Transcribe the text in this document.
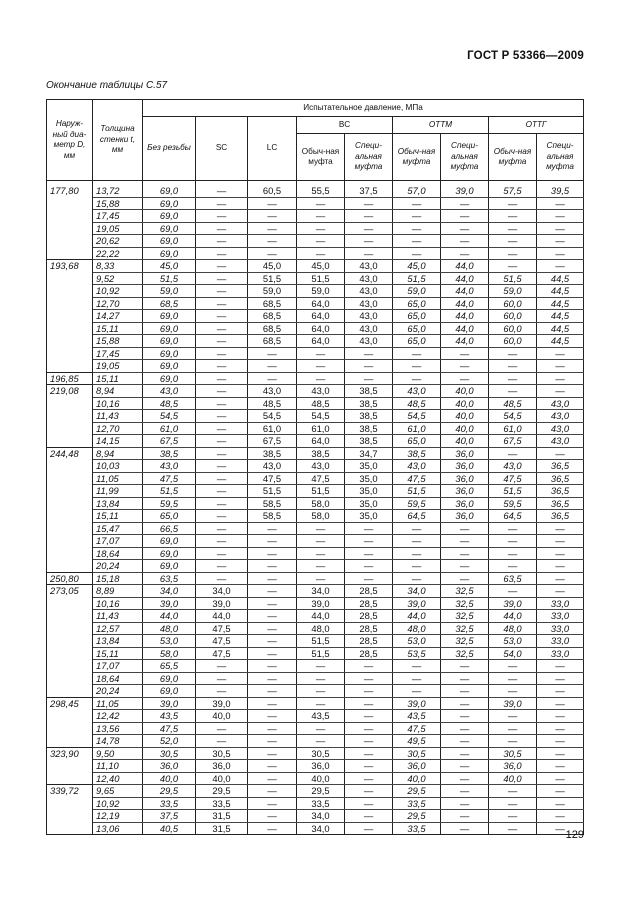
ГОСТ Р 53366—2009
Окончание таблицы С.57
Наруж-ный диа-метр D, мм	Толщина стенки t, мм	Испытательное давление, МПа								
		Без резьбы	SC	LC	BC		ОТТМ		ОТТГ	
					Обыч-ная муфта	Специ-альная муфта	Обыч-ная муфта	Специ-альная муфта	Обыч-ная муфта	Специ-альная муфта

177,80	13,72	69,0	—	60,5	55,5	37,5	57,0	39,0	57,5	39,5
	15,88	69,0	—	—	—	—	—	—	—	—
	17,45	69,0	—	—	—	—	—	—	—	—
	19,05	69,0	—	—	—	—	—	—	—	—
	20,62	69,0	—	—	—	—	—	—	—	—
	22,22	69,0	—	—	—	—	—	—	—	—
193,68	8,33	45,0	—	45,0	45,0	43,0	45,0	44,0	—	—
	9,52	51,5	—	51,5	51,5	43,0	51,5	44,0	51,5	44,5
	10,92	59,0	—	59,0	59,0	43,0	59,0	44,0	59,0	44,5
	12,70	68,5	—	68,5	64,0	43,0	65,0	44,0	60,0	44,5
	14,27	69,0	—	68,5	64,0	43,0	65,0	44,0	60,0	44,5
	15,11	69,0	—	68,5	64,0	43,0	65,0	44,0	60,0	44,5
	15,88	69,0	—	68,5	64,0	43,0	65,0	44,0	60,0	44,5
	17,45	69,0	—	—	—	—	—	—	—	—
	19,05	69,0	—	—	—	—	—	—	—	—
196,85	15,11	69,0	—	—	—	—	—	—	—	—
219,08	8,94	43,0	—	43,0	43,0	38,5	43,0	40,0	—	—
	10,16	48,5	—	48,5	48,5	38,5	48,5	40,0	48,5	43,0
	11,43	54,5	—	54,5	54,5	38,5	54,5	40,0	54,5	43,0
	12,70	61,0	—	61,0	61,0	38,5	61,0	40,0	61,0	43,0
	14,15	67,5	—	67,5	64,0	38,5	65,0	40,0	67,5	43,0
244,48	8,94	38,5	—	38,5	38,5	34,7	38,5	36,0	—	—
	10,03	43,0	—	43,0	43,0	35,0	43,0	36,0	43,0	36,5
	11,05	47,5	—	47,5	47,5	35,0	47,5	36,0	47,5	36,5
	11,99	51,5	—	51,5	51,5	35,0	51,5	36,0	51,5	36,5
	13,84	59,5	—	58,5	58,0	35,0	59,5	36,0	59,5	36,5
	15,11	65,0	—	58,5	58,0	35,0	64,5	36,0	64,5	36,5
	15,47	66,5	—	—	—	—	—	—	—	—
	17,07	69,0	—	—	—	—	—	—	—	—
	18,64	69,0	—	—	—	—	—	—	—	—
	20,24	69,0	—	—	—	—	—	—	—	—
250,80	15,18	63,5	—	—	—	—	—	—	63,5	—
273,05	8,89	34,0	34,0	—	34,0	28,5	34,0	32,5	—	—
	10,16	39,0	39,0	—	39,0	28,5	39,0	32,5	39,0	33,0
	11,43	44,0	44,0	—	44,0	28,5	44,0	32,5	44,0	33,0
	12,57	48,0	47,5	—	48,0	28,5	48,0	32,5	48,0	33,0
	13,84	53,0	47,5	—	51,5	28,5	53,0	32,5	53,0	33,0
	15,11	58,0	47,5	—	51,5	28,5	53,5	32,5	54,0	33,0
	17,07	65,5	—	—	—	—	—	—	—	—
	18,64	69,0	—	—	—	—	—	—	—	—
	20,24	69,0	—	—	—	—	—	—	—	—
298,45	11,05	39,0	39,0	—	—	—	39,0	—	39,0	—
	12,42	43,5	40,0	—	43,5	—	43,5	—	—	—
	13,56	47,5	—	—	—	—	47,5	—	—	—
	14,78	52,0	—	—	—	—	49,5	—	—	—
323,90	9,50	30,5	30,5	—	30,5	—	30,5	—	30,5	—
	11,10	36,0	36,0	—	36,0	—	36,0	—	36,0	—
	12,40	40,0	40,0	—	40,0	—	40,0	—	40,0	—
339,72	9,65	29,5	29,5	—	29,5	—	29,5	—	—	—
	10,92	33,5	33,5	—	33,5	—	33,5	—	—	—
	12,19	37,5	31,5	—	34,0	—	29,5	—	—	—
	13,06	40,5	31,5	—	34,0	—	33,5	—	—	—
129
